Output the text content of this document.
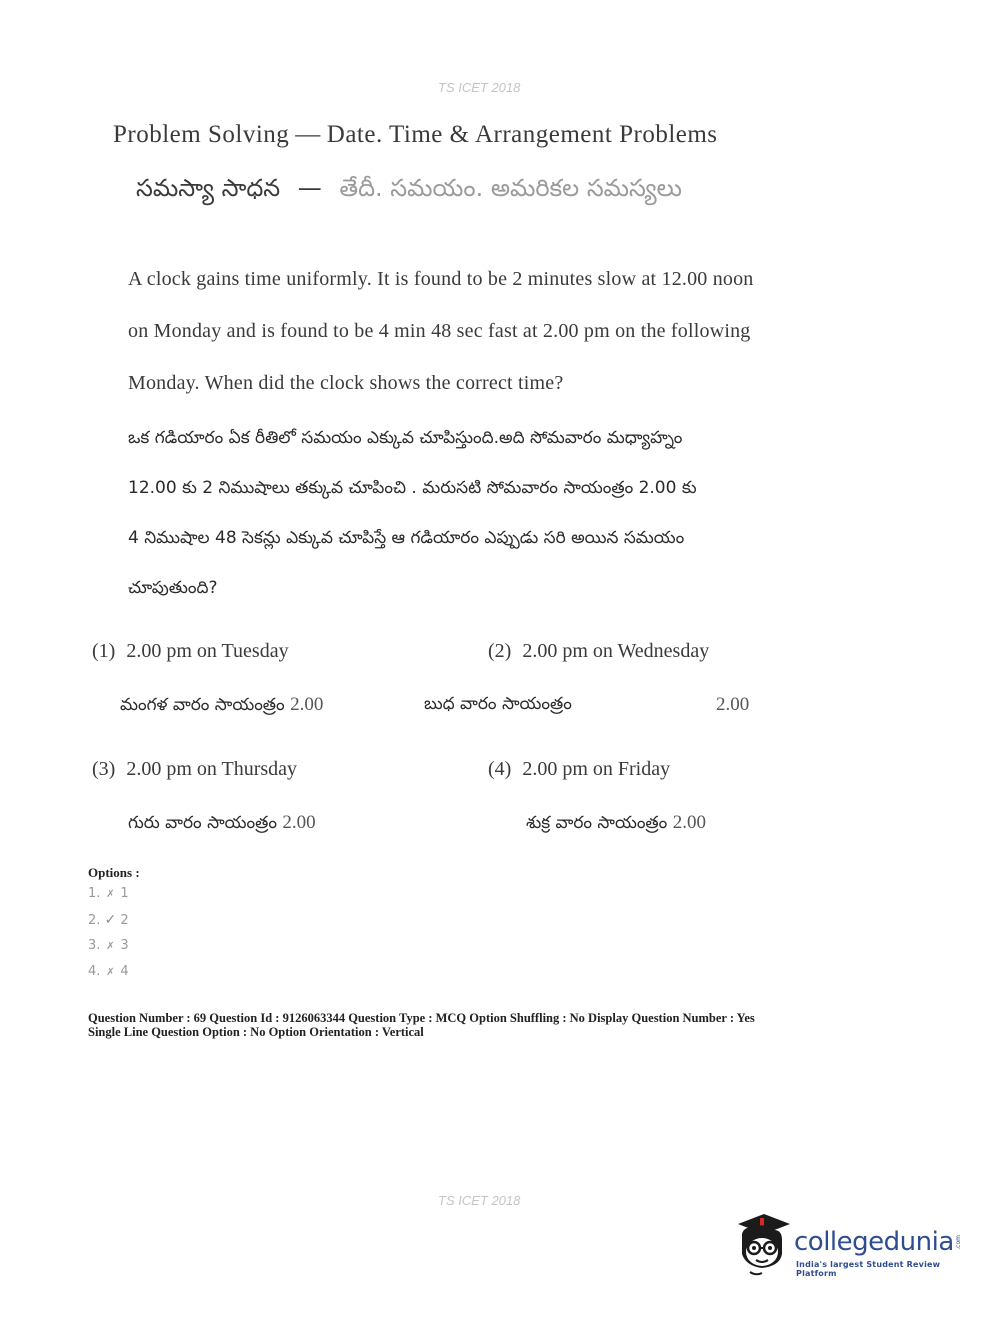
TS ICET 2018
Problem Solving — Date. Time & Arrangement Problems
సమస్యా సాధన — తేదీ. సమయం. అమరికల సమస్యలు
A clock gains time uniformly. It is found to be 2 minutes slow at 12.00 noon
on Monday and is found to be 4 min 48 sec fast at 2.00 pm on the following
Monday. When did the clock shows the correct time?
ఒక గడియారం ఏక రీతిలో సమయం ఎక్కువ చూపిస్తుంది.అది సోమవారం మధ్యాహ్నం
12.00 కు 2 నిముషాలు తక్కువ చూపించి . మరుసటి సోమవారం సాయంత్రం 2.00 కు
4 నిముషాల 48 సెకన్లు ఎక్కువ చూపిస్తే ఆ గడియారం ఎప్పుడు సరి అయిన సమయం
చూపుతుంది?
(1) 2.00 pm on Tuesday
మంగళ వారం సాయంత్రం 2.00
(2) 2.00 pm on Wednesday
బుధ వారం సాయంత్రం	2.00
(3) 2.00 pm on Thursday
గురు వారం సాయంత్రం 2.00
(4) 2.00 pm on Friday
శుక్ర వారం సాయంత్రం 2.00
Options :
1. ✗ 1
2. ✓ 2
3. ✗ 3
4. ✗ 4
Question Number : 69 Question Id : 9126063344 Question Type : MCQ Option Shuffling : No Display Question Number : Yes
Single Line Question Option : No Option Orientation : Vertical
TS ICET 2018
collegedunia .com
India's largest Student Review Platform
